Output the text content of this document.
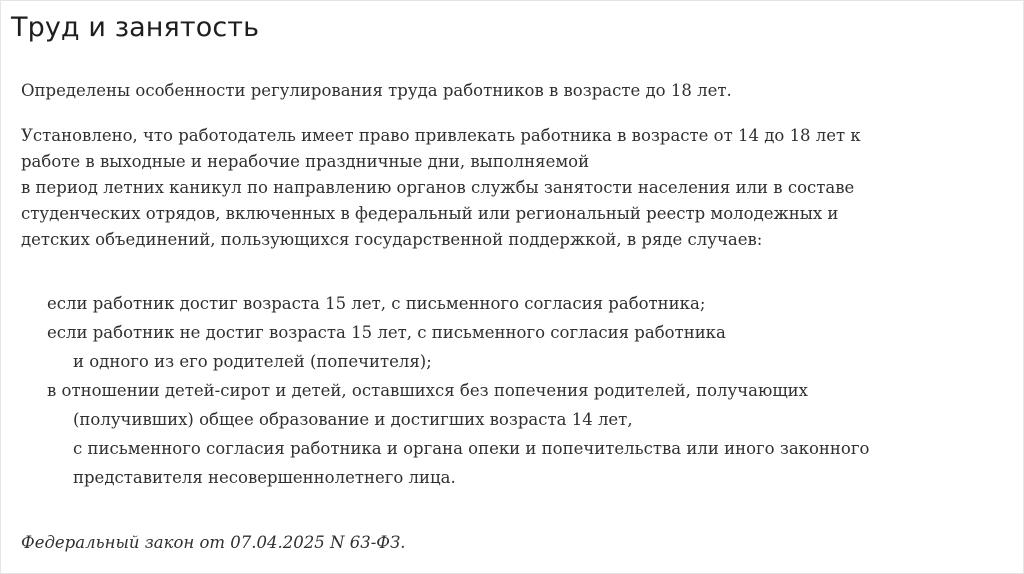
Труд и занятость
Определены особенности регулирования труда работников в возрасте до 18 лет.
Установлено, что работодатель имеет право привлекать работника в возрасте от 14 до 18 лет к
работе в выходные и нерабочие праздничные дни, выполняемой
в период летних каникул по направлению органов службы занятости населения или в составе
студенческих отрядов, включенных в федеральный или региональный реестр молодежных и
детских объединений, пользующихся государственной поддержкой, в ряде случаев:
если работник достиг возраста 15 лет, с письменного согласия работника;
если работник не достиг возраста 15 лет, с письменного согласия работника
и одного из его родителей (попечителя);
в отношении детей-сирот и детей, оставшихся без попечения родителей, получающих
(получивших) общее образование и достигших возраста 14 лет,
с письменного согласия работника и органа опеки и попечительства или иного законного
представителя несовершеннолетнего лица.
Федеральный закон от 07.04.2025 N 63-ФЗ.
